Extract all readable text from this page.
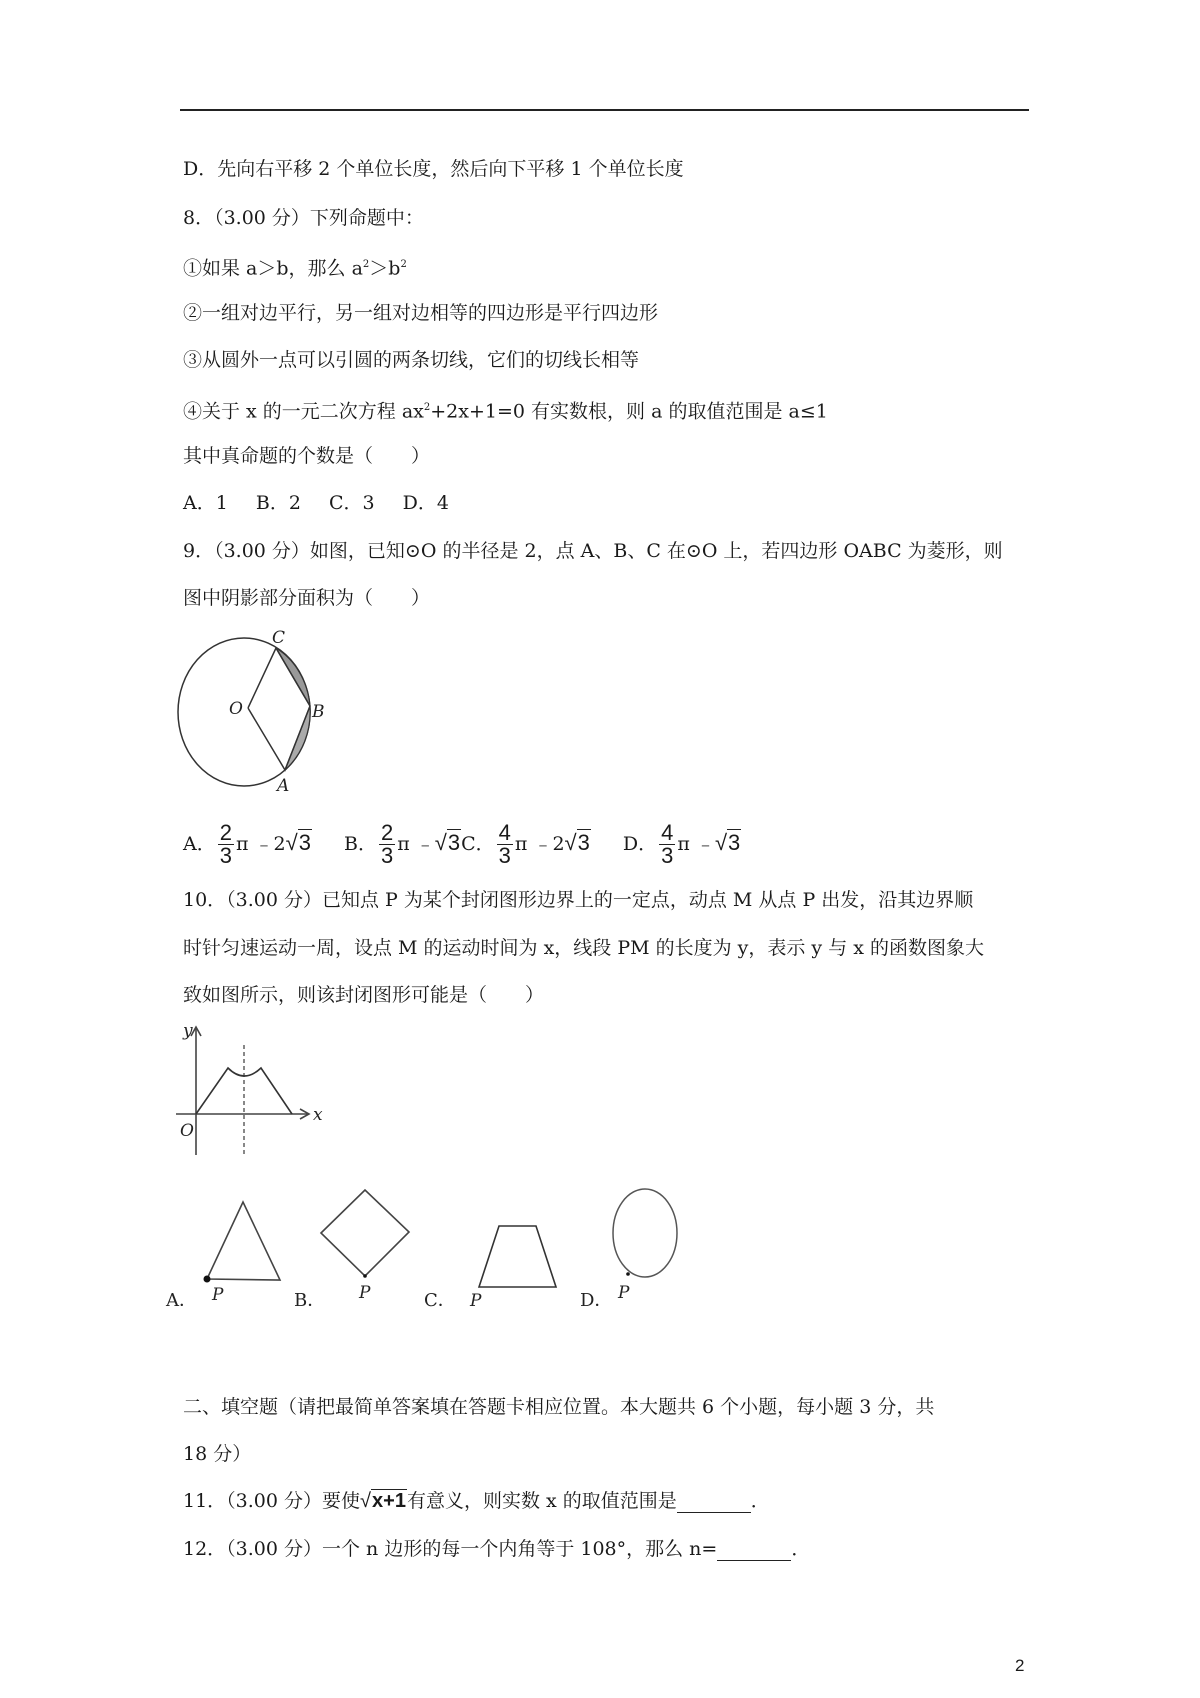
D．先向右平移 2 个单位长度，然后向下平移 1 个单位长度
8．（3.00 分）下列命题中：
①如果 a＞b，那么 $a^2>b^2$
②一组对边平行，另一组对边相等的四边形是平行四边形
③从圆外一点可以引圆的两条切线，它们的切线长相等
④关于 x 的一元二次方程 $ax^2+2x+1=0$ 有实数根，则 a 的取值范围是 a≤1
其中真命题的个数是（　　）
A．1 B．2 C．3 D．4
9．（3.00 分）如图，已知⊙O 的半径是 2，点 A、B、C 在⊙O 上，若四边形 OABC 为菱形，则
图中阴影部分面积为（　　）
O
C
B
A
A． $\frac{2}{3}$ π ﹣2√3 B． $\frac{2}{3}$ π ﹣√3C． $\frac{4}{3}$ π ﹣2√3 D． $\frac{4}{3}$ π ﹣√3
10．（3.00 分）已知点 P 为某个封闭图形边界上的一定点，动点 M 从点 P 出发，沿其边界顺
时针匀速运动一周，设点 M 的运动时间为 x，线段 PM 的长度为 y，表示 y 与 x 的函数图象大
致如图所示，则该封闭图形可能是（　　）
y
x
O
A． P	B． P	C． P	D． P
二、填空题（请把最简单答案填在答题卡相应位置。本大题共 6 个小题，每小题 3 分，共
18 分）
11．（3.00 分）要使√x+1有意义，则实数 x 的取值范围是	．
12．（3.00 分）一个 n 边形的每一个内角等于 108°，那么 n=	．
2
